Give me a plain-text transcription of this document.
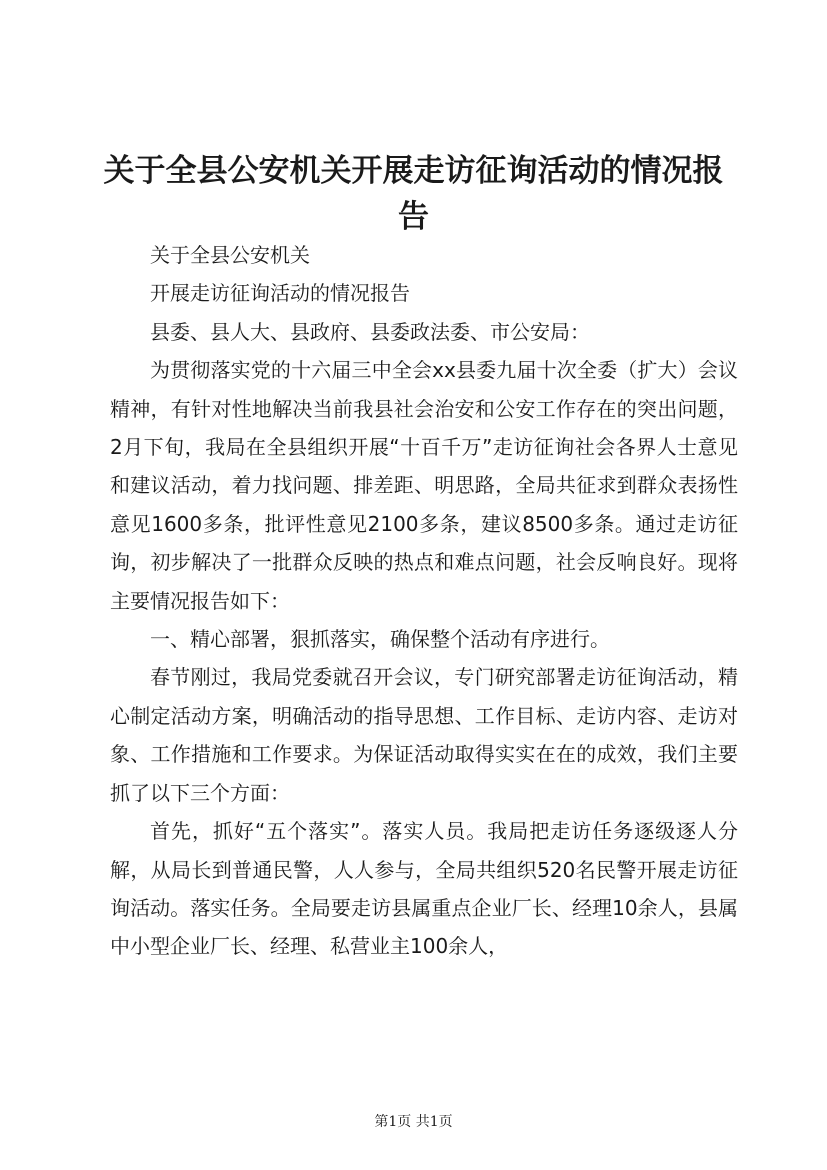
关于全县公安机关开展走访征询活动的情况报告

关于全县公安机关

开展走访征询活动的情况报告

县委、县人大、县政府、县委政法委、市公安局：

为贯彻落实党的十六届三中全会xx县委九届十次全委（扩大）会议精神，有针对性地解决当前我县社会治安和公安工作存在的突出问题，2月下旬，我局在全县组织开展“十百千万”走访征询社会各界人士意见和建议活动，着力找问题、排差距、明思路，全局共征求到群众表扬性意见1600多条，批评性意见2100多条，建议8500多条。通过走访征询，初步解决了一批群众反映的热点和难点问题，社会反响良好。现将主要情况报告如下：

一、精心部署，狠抓落实，确保整个活动有序进行。

春节刚过，我局党委就召开会议，专门研究部署走访征询活动，精心制定活动方案，明确活动的指导思想、工作目标、走访内容、走访对象、工作措施和工作要求。为保证活动取得实实在在的成效，我们主要抓了以下三个方面：

首先，抓好“五个落实”。落实人员。我局把走访任务逐级逐人分解，从局长到普通民警，人人参与，全局共组织520名民警开展走访征询活动。落实任务。全局要走访县属重点企业厂长、经理10余人，县属中小型企业厂长、经理、私营业主100余人，

第1页 共1页
